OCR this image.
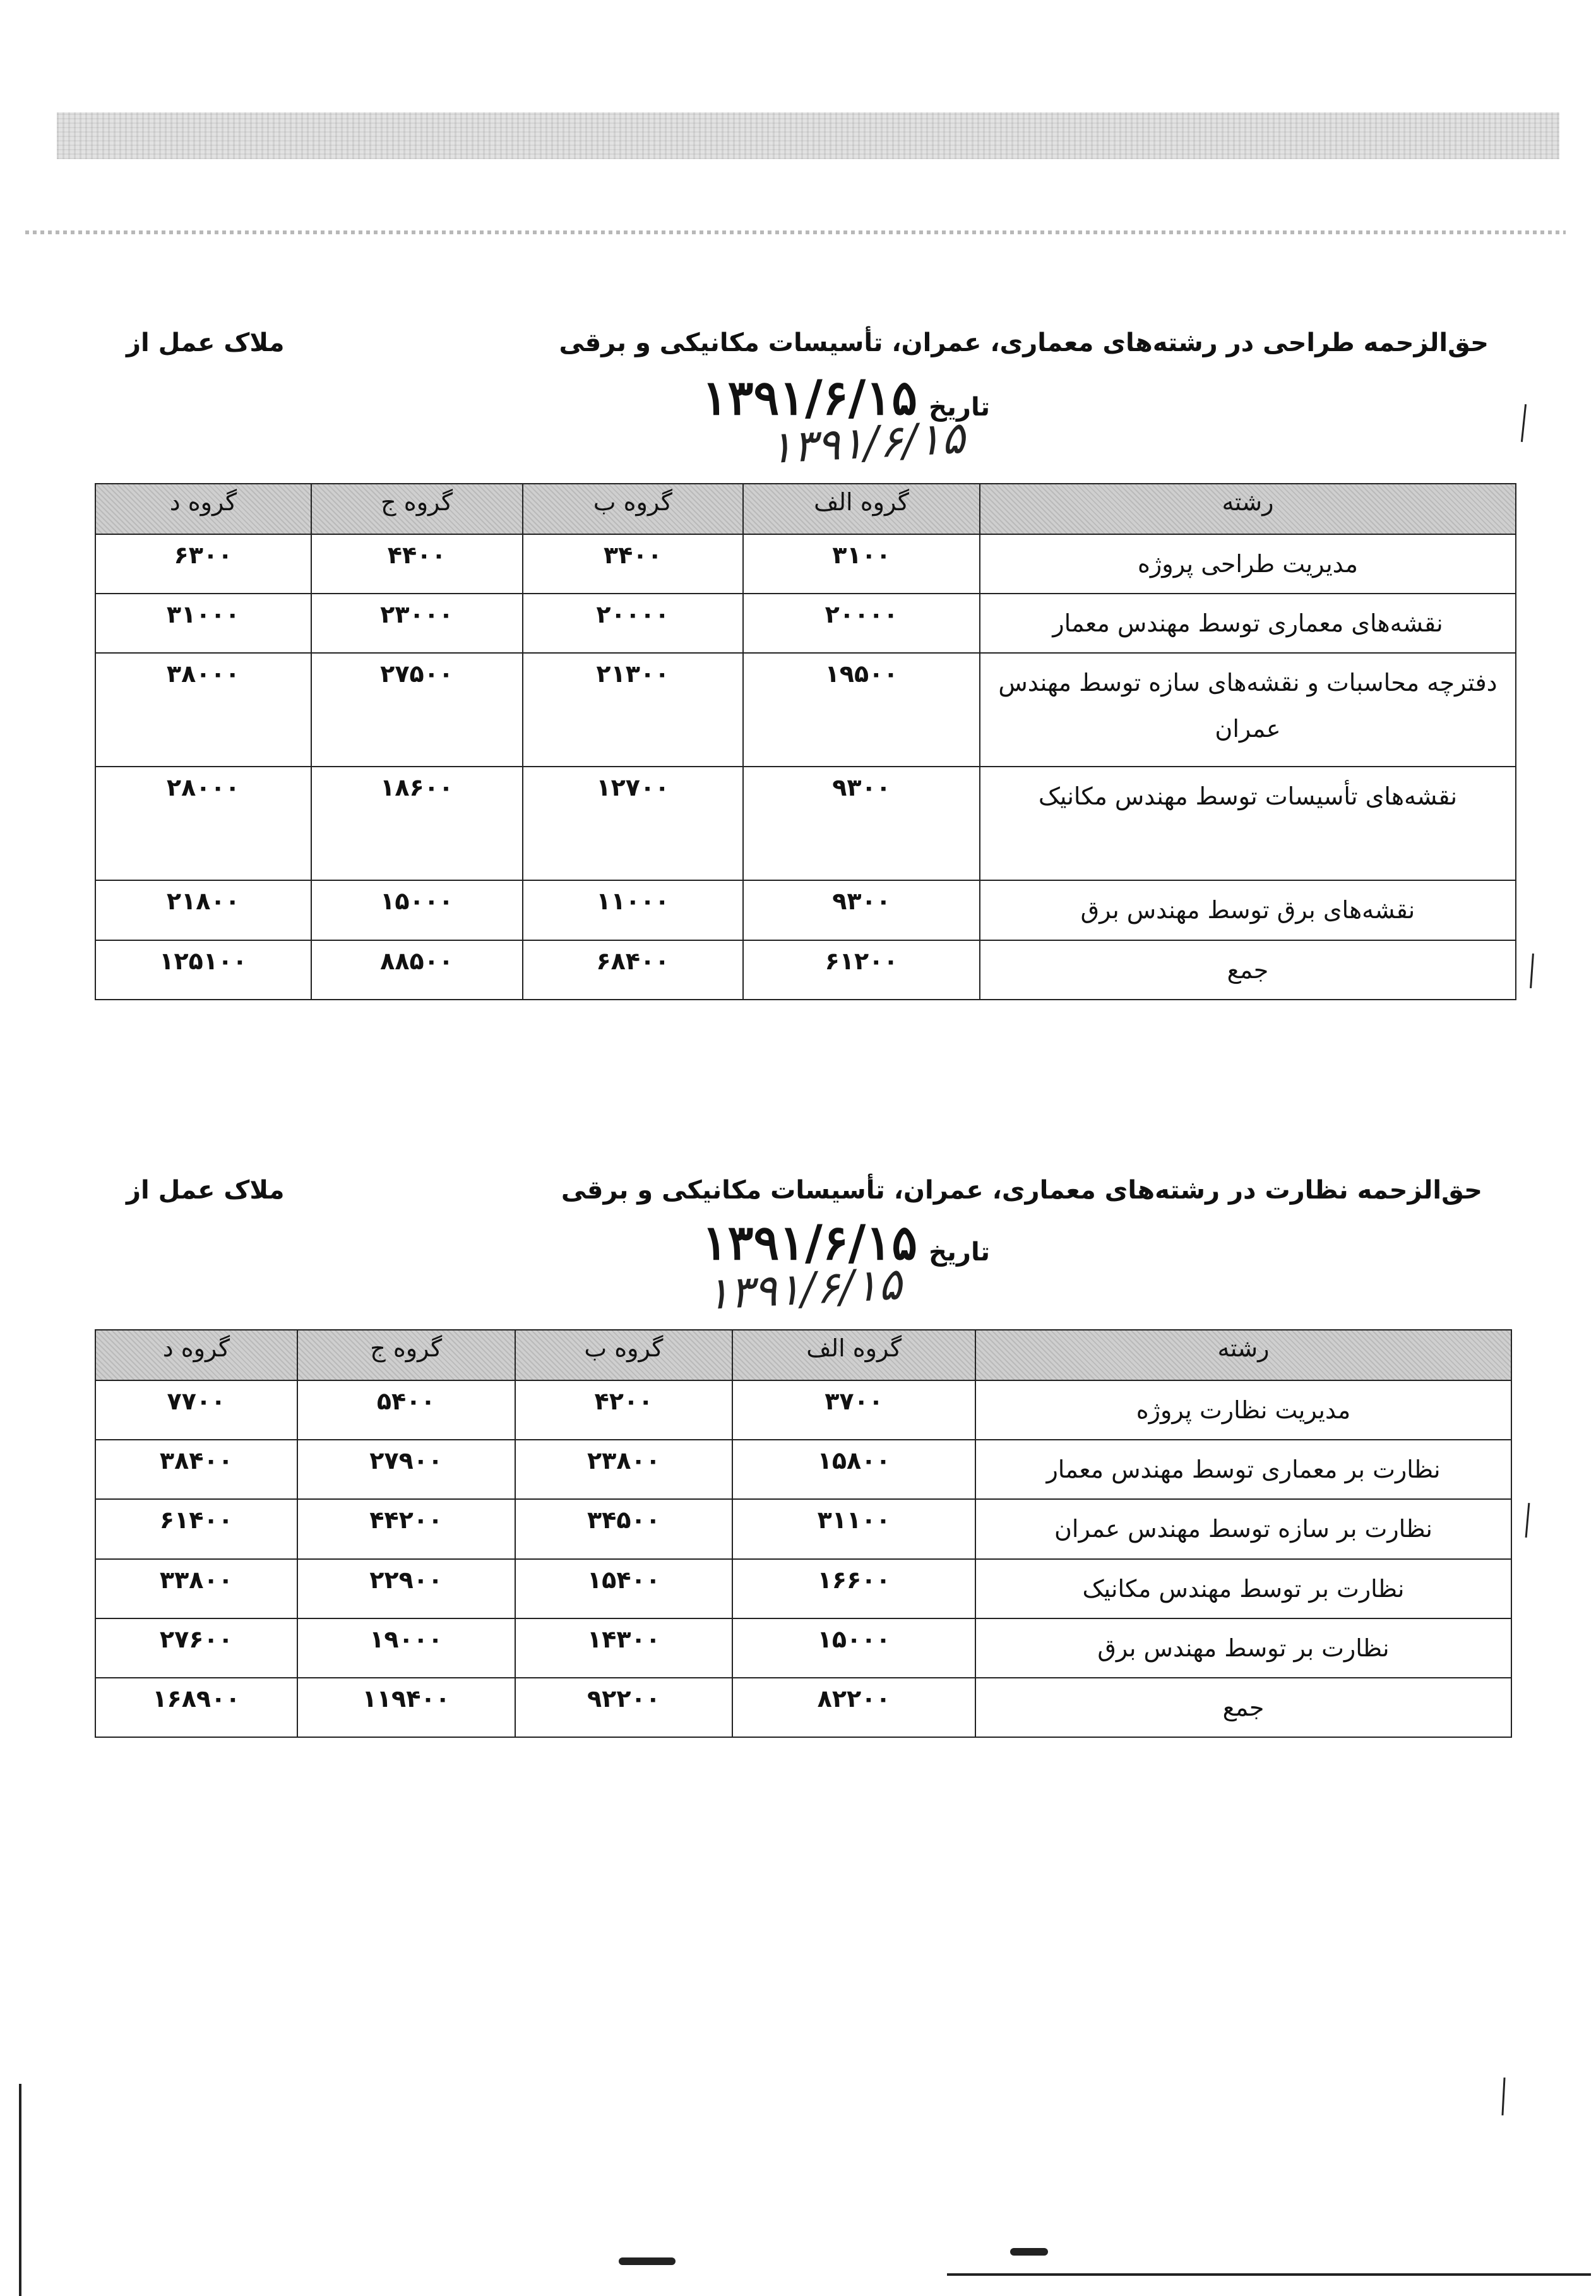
حق‌الزحمه طراحی در رشته‌های معماری، عمران، تأسیسات مکانیکی و برقی
ملاک عمل از
تاریخ
۱۳۹۱/۶/۱۵
۱۳۹۱/۶/۱۵
رشته	گروه الف	گروه ب	گروه ج	گروه د
مدیریت طراحی پروژه	۳۱۰۰	۳۴۰۰	۴۴۰۰	۶۳۰۰
نقشه‌های معماری توسط مهندس معمار	۲۰۰۰۰	۲۰۰۰۰	۲۳۰۰۰	۳۱۰۰۰
دفترچه محاسبات و نقشه‌های سازه توسط مهندس عمران	۱۹۵۰۰	۲۱۳۰۰	۲۷۵۰۰	۳۸۰۰۰
نقشه‌های تأسیسات توسط مهندس مکانیک	۹۳۰۰	۱۲۷۰۰	۱۸۶۰۰	۲۸۰۰۰
نقشه‌های برق توسط مهندس برق	۹۳۰۰	۱۱۰۰۰	۱۵۰۰۰	۲۱۸۰۰
جمع	۶۱۲۰۰	۶۸۴۰۰	۸۸۵۰۰	۱۲۵۱۰۰
حق‌الزحمه نظارت در رشته‌های معماری، عمران، تأسیسات مکانیکی و برقی
ملاک عمل از
تاریخ
۱۳۹۱/۶/۱۵
۱۳۹۱/۶/۱۵
رشته	گروه الف	گروه ب	گروه ج	گروه د
مدیریت نظارت پروژه	۳۷۰۰	۴۲۰۰	۵۴۰۰	۷۷۰۰
نظارت بر معماری توسط مهندس معمار	۱۵۸۰۰	۲۳۸۰۰	۲۷۹۰۰	۳۸۴۰۰
نظارت بر سازه توسط مهندس عمران	۳۱۱۰۰	۳۴۵۰۰	۴۴۲۰۰	۶۱۴۰۰
نظارت بر توسط مهندس مکانیک	۱۶۶۰۰	۱۵۴۰۰	۲۲۹۰۰	۳۳۸۰۰
نظارت بر توسط مهندس برق	۱۵۰۰۰	۱۴۳۰۰	۱۹۰۰۰	۲۷۶۰۰
جمع	۸۲۲۰۰	۹۲۲۰۰	۱۱۹۴۰۰	۱۶۸۹۰۰
